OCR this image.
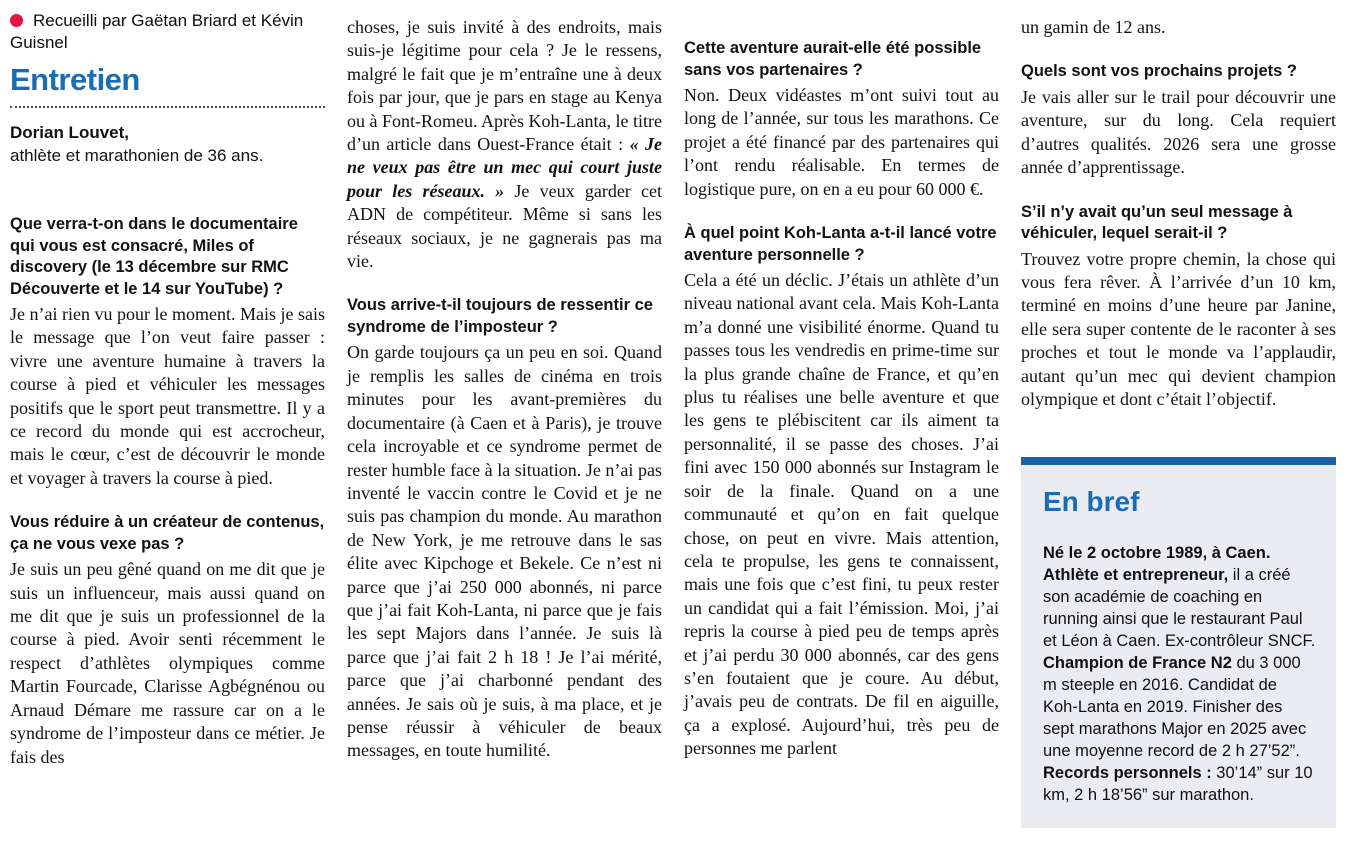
Recueilli par Gaëtan Briard et Kévin Guisnel
Entretien
Dorian Louvet,
athlète et marathonien de 36 ans.
Que verra-t-on dans le documentaire qui vous est consacré, Miles of discovery (le 13 décembre sur RMC Découverte et le 14 sur YouTube) ?

Je n’ai rien vu pour le moment. Mais je sais le message que l’on veut faire passer : vivre une aventure humaine à travers la course à pied et véhiculer les messages positifs que le sport peut transmettre. Il y a ce record du monde qui est accrocheur, mais le cœur, c’est de découvrir le monde et voyager à travers la course à pied.

Vous réduire à un créateur de contenus, ça ne vous vexe pas ?

Je suis un peu gêné quand on me dit que je suis un influenceur, mais aussi quand on me dit que je suis un professionnel de la course à pied. Avoir senti récemment le respect d’athlètes olympiques comme Martin Fourcade, Clarisse Agbégnénou ou Arnaud Démare me rassure car on a le syndrome de l’imposteur dans ce métier. Je fais des

choses, je suis invité à des endroits, mais suis-je légitime pour cela ? Je le ressens, malgré le fait que je m’entraîne une à deux fois par jour, que je pars en stage au Kenya ou à Font-Romeu. Après Koh-Lanta, le titre d’un article dans Ouest-France était : « Je ne veux pas être un mec qui court juste pour les réseaux. » Je veux garder cet ADN de compétiteur. Même si sans les réseaux sociaux, je ne gagnerais pas ma vie.

Vous arrive-t-il toujours de ressentir ce syndrome de l’imposteur ?

On garde toujours ça un peu en soi. Quand je remplis les salles de cinéma en trois minutes pour les avant-premières du documentaire (à Caen et à Paris), je trouve cela incroyable et ce syndrome permet de rester humble face à la situation. Je n’ai pas inventé le vaccin contre le Covid et je ne suis pas champion du monde. Au marathon de New York, je me retrouve dans le sas élite avec Kipchoge et Bekele. Ce n’est ni parce que j’ai 250 000 abonnés, ni parce que j’ai fait Koh-Lanta, ni parce que je fais les sept Majors dans l’année. Je suis là parce que j’ai fait 2 h 18 ! Je l’ai mérité, parce que j’ai charbonné pendant des années. Je sais où je suis, à ma place, et je pense réussir à véhiculer de beaux messages, en toute humilité.

Cette aventure aurait-elle été possible sans vos partenaires ?

Non. Deux vidéastes m’ont suivi tout au long de l’année, sur tous les marathons. Ce projet a été financé par des partenaires qui l’ont rendu réalisable. En termes de logistique pure, on en a eu pour 60 000 €.

À quel point Koh-Lanta a-t-il lancé votre aventure personnelle ?

Cela a été un déclic. J’étais un athlète d’un niveau national avant cela. Mais Koh-Lanta m’a donné une visibilité énorme. Quand tu passes tous les vendredis en prime-time sur la plus grande chaîne de France, et qu’en plus tu réalises une belle aventure et que les gens te plébiscitent car ils aiment ta personnalité, il se passe des choses. J’ai fini avec 150 000 abonnés sur Instagram le soir de la finale. Quand on a une communauté et qu’on en fait quelque chose, on peut en vivre. Mais attention, cela te propulse, les gens te connaissent, mais une fois que c’est fini, tu peux rester un candidat qui a fait l’émission. Moi, j’ai repris la course à pied peu de temps après et j’ai perdu 30 000 abonnés, car des gens s’en foutaient que je coure. Au début, j’avais peu de contrats. De fil en aiguille, ça a explosé. Aujourd’hui, très peu de personnes me parlent

un gamin de 12 ans.

Quels sont vos prochains projets ?

Je vais aller sur le trail pour découvrir une aventure, sur du long. Cela requiert d’autres qualités. 2026 sera une grosse année d’apprentissage.

S’il n’y avait qu’un seul message à véhiculer, lequel serait-il ?

Trouvez votre propre chemin, la chose qui vous fera rêver. À l’arrivée d’un 10 km, terminé en moins d’une heure par Janine, elle sera super contente de le raconter à ses proches et tout le monde va l’applaudir, autant qu’un mec qui devient champion olympique et dont c’était l’objectif.

En bref

Né le 2 octobre 1989, à Caen. Athlète et entrepreneur, il a créé son académie de coaching en running ainsi que le restaurant Paul et Léon à Caen. Ex-contrôleur SNCF. Champion de France N2 du 3 000 m steeple en 2016. Candidat de Koh-Lanta en 2019. Finisher des sept marathons Major en 2025 avec une moyenne record de 2 h 27’52”. Records personnels : 30’14” sur 10 km, 2 h 18’56” sur marathon.
